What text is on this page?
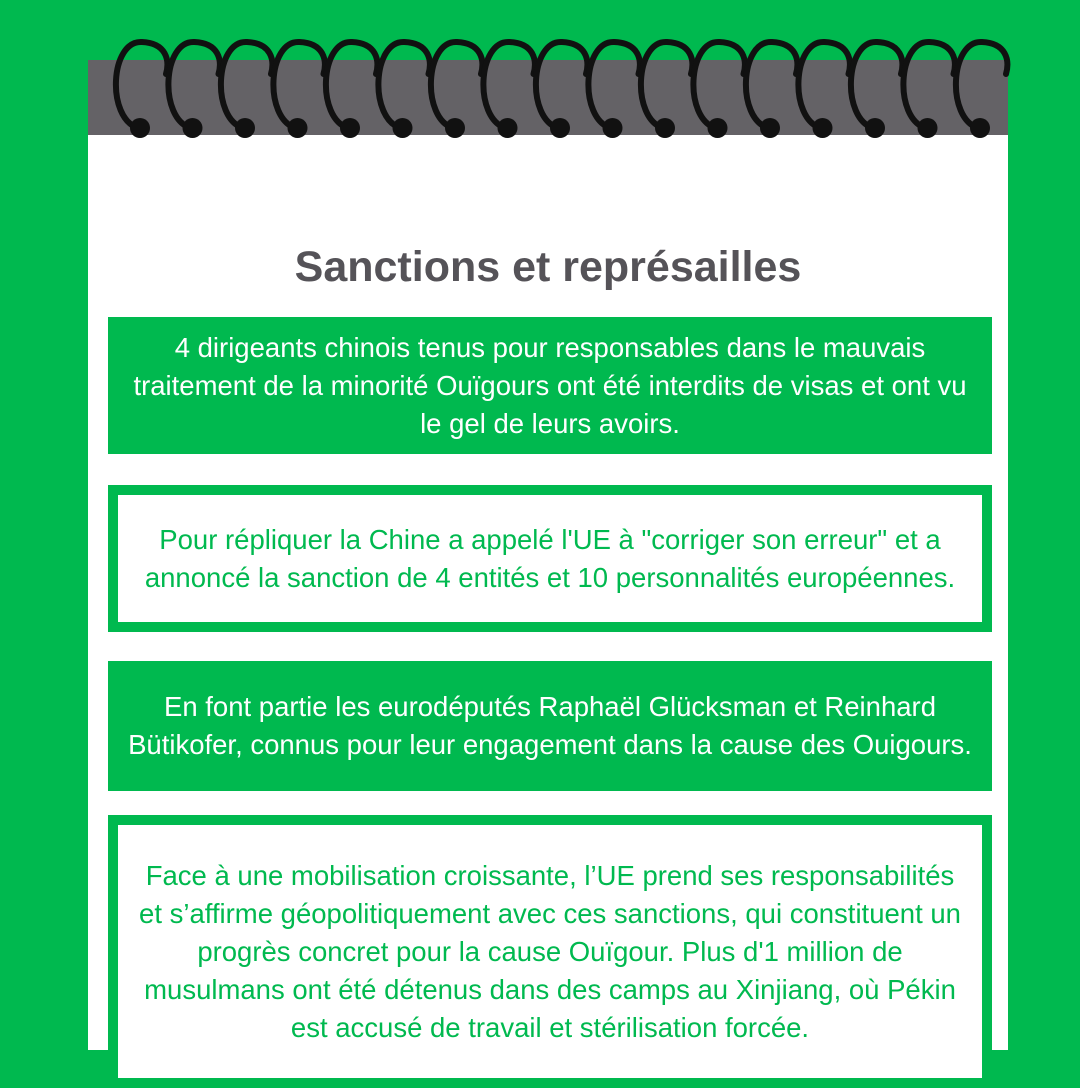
Sanctions et représailles

4 dirigeants chinois tenus pour responsables dans le mauvais traitement de la minorité Ouïgours ont été interdits de visas et ont vu le gel de leurs avoirs.

Pour répliquer la Chine a appelé l'UE à "corriger son erreur" et a annoncé la sanction de 4 entités et 10 personnalités européennes.

En font partie les eurodéputés Raphaël Glücksman et Reinhard Bütikofer, connus pour leur engagement dans la cause des Ouigours.

Face à une mobilisation croissante, l’UE prend ses responsabilités et s’affirme géopolitiquement avec ces sanctions, qui constituent un progrès concret pour la cause Ouïgour. Plus d'1 million de musulmans ont été détenus dans des camps au Xinjiang, où Pékin est accusé de travail et stérilisation forcée.
